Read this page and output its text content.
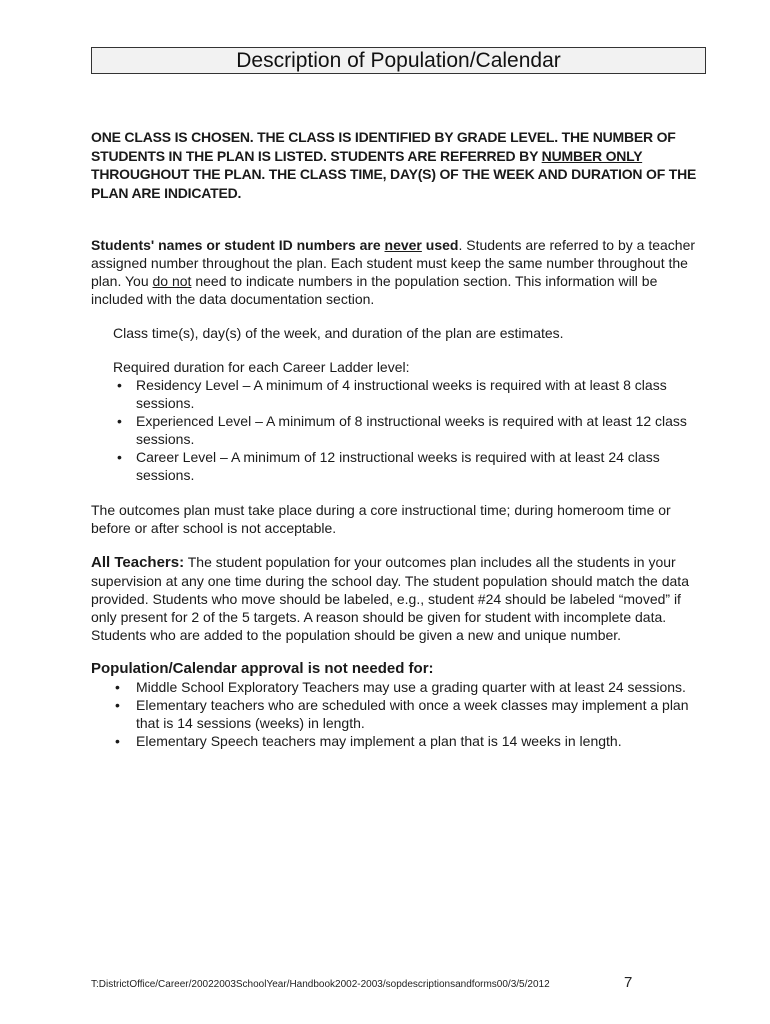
Description of Population/Calendar

ONE CLASS IS CHOSEN. THE CLASS IS IDENTIFIED BY GRADE LEVEL. THE NUMBER OF STUDENTS IN THE PLAN IS LISTED. STUDENTS ARE REFERRED BY NUMBER ONLY THROUGHOUT THE PLAN. THE CLASS TIME, DAY(S) OF THE WEEK AND DURATION OF THE PLAN ARE INDICATED.

Students' names or student ID numbers are never used. Students are referred to by a teacher assigned number throughout the plan. Each student must keep the same number throughout the plan. You do not need to indicate numbers in the population section. This information will be included with the data documentation section.

Class time(s), day(s) of the week, and duration of the plan are estimates.

Required duration for each Career Ladder level:

• Residency Level – A minimum of 4 instructional weeks is required with at least 8 class sessions.
• Experienced Level – A minimum of 8 instructional weeks is required with at least 12 class sessions.
• Career Level – A minimum of 12 instructional weeks is required with at least 24 class sessions.

The outcomes plan must take place during a core instructional time; during homeroom time or before or after school is not acceptable.

All Teachers: The student population for your outcomes plan includes all the students in your supervision at any one time during the school day. The student population should match the data provided. Students who move should be labeled, e.g., student #24 should be labeled “moved” if only present for 2 of the 5 targets. A reason should be given for student with incomplete data. Students who are added to the population should be given a new and unique number.

Population/Calendar approval is not needed for:

• Middle School Exploratory Teachers may use a grading quarter with at least 24 sessions.
• Elementary teachers who are scheduled with once a week classes may implement a plan that is 14 sessions (weeks) in length.
• Elementary Speech teachers may implement a plan that is 14 weeks in length.
T:DistrictOffice/Career/20022003SchoolYear/Handbook2002-2003/sopdescriptionsandforms00/3/5/2012	7
